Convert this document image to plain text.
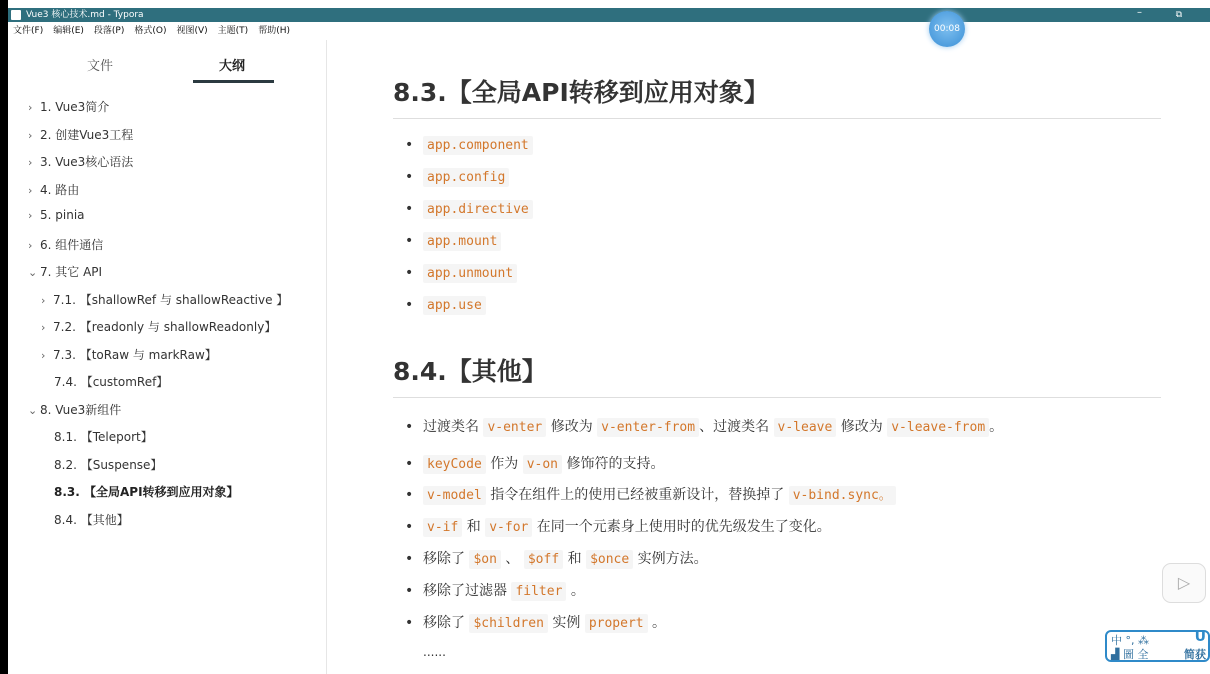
Vue3 核心技术.md - Typora	–	⧉
文件(F) 编辑(E) 段落(P) 格式(O) 视图(V) 主题(T) 帮助(H)	00:08
文件	大纲
› 1. Vue3简介
› 2. 创建Vue3工程
› 3. Vue3核心语法
› 4. 路由
› 5. pinia
› 6. 组件通信
⌄ 7. 其它 API
› 7.1. 【shallowRef 与 shallowReactive 】
› 7.2. 【readonly 与 shallowReadonly】
› 7.3. 【toRaw 与 markRaw】
7.4. 【customRef】
⌄ 8. Vue3新组件
8.1. 【Teleport】
8.2. 【Suspense】
8.3. 【全局API转移到应用对象】
8.4. 【其他】
8.3.【全局API转移到应用对象】
• app.component
• app.config
• app.directive
• app.mount
• app.unmount
• app.use
8.4.【其他】
• 过渡类名 v-enter 修改为 v-enter-from 、过渡类名 v-leave 修改为 v-leave-from 。
• keyCode 作为 v-on 修饰符的支持。
• v-model 指令在组件上的使用已经被重新设计，替换掉了 v-bind.sync。
• v-if 和 v-for 在同一个元素身上使用时的优先级发生了变化。
• 移除了 $on 、 $off 和 $once 实例方法。
• 移除了过滤器 filter 。
• 移除了 $children 实例 propert 。
......
▷
中 °, ⁂
▟ 圖 全
U
简获
